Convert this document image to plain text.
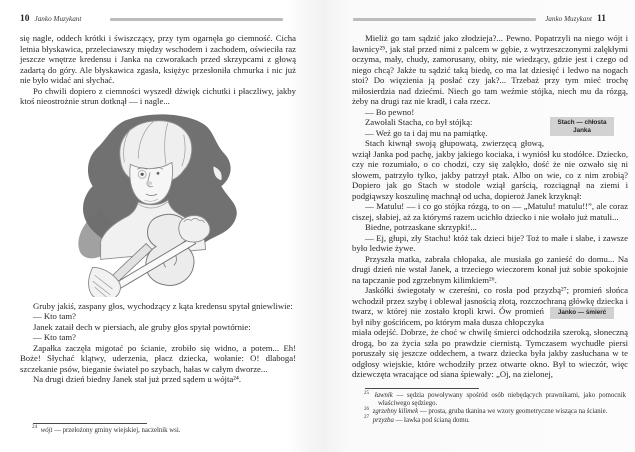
10 Janko Muzykant

się nagle, oddech krótki i świszczący, przy tym ogarnęła go ciemność. Cicha letnia błyskawica, przeleciawszy między wschodem i zachodem, oświeciła raz jeszcze wnętrze kredensu i Janka na czworakach przed skrzypcami z głową zadartą do góry. Ale błyskawica zgasła, księżyc przesłoniła chmurka i nic już nie było widać ani słychać.

Po chwili dopiero z ciemności wyszedł dźwięk cichutki i płaczliwy, jakby ktoś nieostrożnie strun dotknął — i nagle...

Gruby jakiś, zaspany głos, wychodzący z kąta kredensu spytał gniewliwie:

— Kto tam?

Janek zataił dech w piersiach, ale gruby głos spytał powtórnie:

— Kto tam?

Zapałka zaczęła migotać po ścianie, zrobiło się widno, a potem... Eh! Boże! Słychać klątwy, uderzenia, płacz dziecka, wołanie: O! dlaboga! szczekanie psów, bieganie świateł po szybach, hałas w całym dworze...

Na drugi dzień biedny Janek stał już przed sądem u wójta²⁴.

$^{24}$ wójt — przełożony gminy wiejskiej, naczelnik wsi.

Janko Muzykant 11

Mieliż go tam sądzić jako złodzieja?... Pewno. Popatrzyli na niego wójt i ławnicy²⁵, jak stał przed nimi z palcem w gębie, z wytrzeszczonymi zalękłymi oczyma, mały, chudy, zamorusany, obity, nie wiedzący, gdzie jest i czego od niego chcą? Jakże tu sądzić taką biedę, co ma lat dziesięć i ledwo na nogach stoi? Do więzienia ją posłać czy jak?... Trzebaż przy tym mieć trochę miłosierdzia nad dziećmi. Niech go tam weźmie stójka, niech mu da rózgą, żeby na drugi raz nie kradł, i cała rzecz.

— Bo pewno!

Stach — chłosta Janka

Zawołali Stacha, co był stójką:

— Weź go ta i daj mu na pamiątkę.

Stach kiwnął swoją głupowatą, zwierzęcą głową, wziął Janka pod pachę, jakby jakiego kociaka, i wyniósł ku stodółce. Dziecko, czy nie rozumiało, o co chodzi, czy się zalękło, dość że nie ozwało się ni słowem, patrzyło tylko, jakby patrzył ptak. Albo on wie, co z nim zrobią? Dopiero jak go Stach w stodole wziął garścią, rozciągnął na ziemi i podgiąwszy koszulinę machnął od ucha, dopieroż Janek krzyknął:

— Matulu! — i co go stójka rózgą, to on — „Matulu! matulu!!”, ale coraz ciszej, słabiej, aż za którymś razem ucichło dziecko i nie wołało już matuli...

Biedne, potrzaskane skrzypki!...

— Ej, głupi, zły Stachu! któż tak dzieci bije? Toż to małe i słabe, i zawsze było ledwie żywe.

Przyszła matka, zabrała chłopaka, ale musiała go zanieść do domu... Na drugi dzień nie wstał Janek, a trzeciego wieczorem konał już sobie spokojnie na tapczanie pod zgrzebnym kilimkiem²⁶.

Jaskółki świegotały w czereśni, co rosła pod przyzbą²⁷; promień słońca wchodził przez szybę i oblewał jasnością złotą, rozczochraną główkę
Janko — śmierć
dziecka i twarz, w której nie zostało kropli krwi. Ów promień był niby gościńcem, po którym mała dusza chłopczyka miała odejść. Dobrze, że choć w chwilę śmierci odchodziła szeroką, słoneczną drogą, bo za życia szła po prawdzie ciernistą. Tymczasem wychudłe piersi poruszały się jeszcze oddechem, a twarz dziecka była jakby zasłuchana w te odgłosy wiejskie, które wchodziły przez otwarte okno. Był to wieczór, więc dziewczęta wracające od siana śpiewały: „Oj, na zielonej,

$^{25}$ ławnik — sędzia powoływany spośród osób niebędących prawnikami, jako pomocnik właściwego sędziego.

$^{26}$ zgrzebny kilimek — prosta, gruba tkanina we wzory geometryczne wisząca na ścianie.

$^{27}$ przyzba — ławka pod ścianą domu.
